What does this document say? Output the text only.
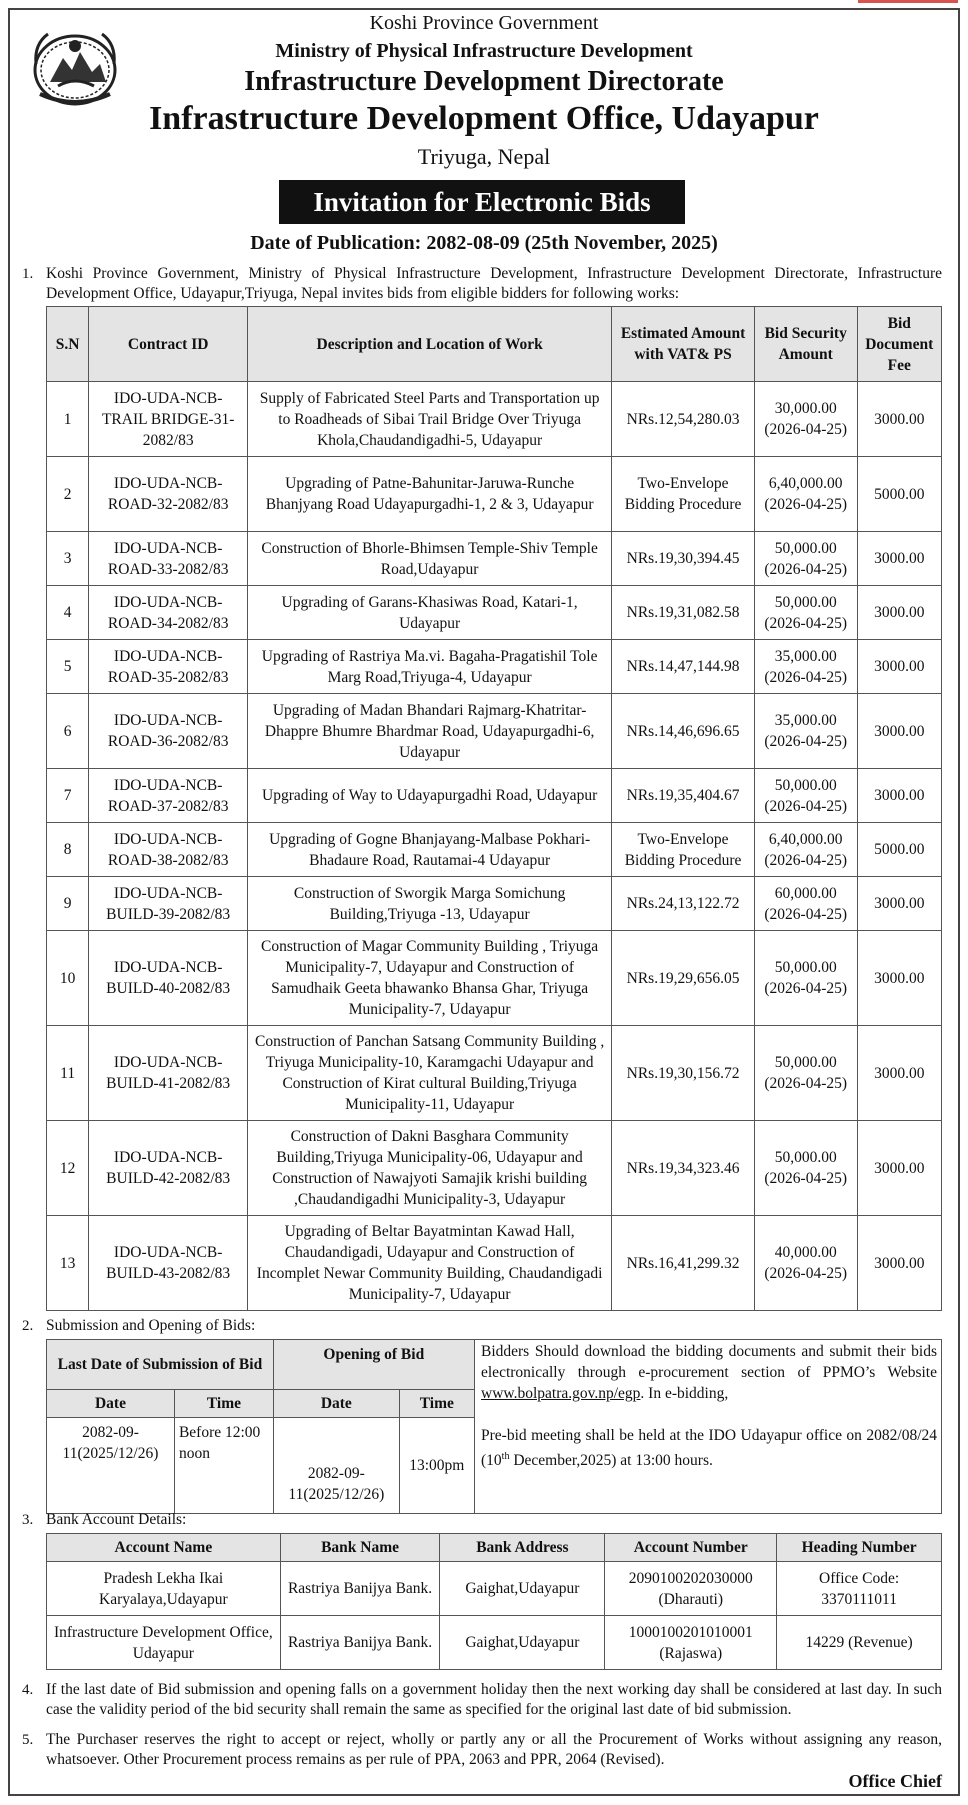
Koshi Province Government
Ministry of Physical Infrastructure Development
Infrastructure Development Directorate
Infrastructure Development Office, Udayapur
Triyuga, Nepal
Invitation for Electronic Bids
Date of Publication: 2082-08-09 (25th November, 2025)
1. Koshi Province Government, Ministry of Physical Infrastructure Development, Infrastructure Development Directorate, Infrastructure Development Office, Udayapur,Triyuga, Nepal invites bids from eligible bidders for following works:
S.N	Contract ID	Description and Location of Work	Estimated Amount with VAT& PS	Bid Security Amount	Bid Document Fee
1	IDO-UDA-NCB-TRAIL BRIDGE-31-2082/83	Supply of Fabricated Steel Parts and Transportation up to Roadheads of Sibai Trail Bridge Over Triyuga Khola,Chaudandigadhi-5, Udayapur	NRs.12,54,280.03	30,000.00 (2026-04-25)	3000.00
2	IDO-UDA-NCB-ROAD-32-2082/83	Upgrading of Patne-Bahunitar-Jaruwa-Runche Bhanjyang Road Udayapurgadhi-1, 2 & 3, Udayapur	Two-Envelope Bidding Procedure	6,40,000.00 (2026-04-25)	5000.00
3	IDO-UDA-NCB-ROAD-33-2082/83	Construction of Bhorle-Bhimsen Temple-Shiv Temple Road,Udayapur	NRs.19,30,394.45	50,000.00 (2026-04-25)	3000.00
4	IDO-UDA-NCB-ROAD-34-2082/83	Upgrading of Garans-Khasiwas Road, Katari-1, Udayapur	NRs.19,31,082.58	50,000.00 (2026-04-25)	3000.00
5	IDO-UDA-NCB-ROAD-35-2082/83	Upgrading of Rastriya Ma.vi. Bagaha-Pragatishil Tole Marg Road,Triyuga-4, Udayapur	NRs.14,47,144.98	35,000.00 (2026-04-25)	3000.00
6	IDO-UDA-NCB-ROAD-36-2082/83	Upgrading of Madan Bhandari Rajmarg-Khatritar-Dhappre Bhumre Bhardmar Road, Udayapurgadhi-6, Udayapur	NRs.14,46,696.65	35,000.00 (2026-04-25)	3000.00
7	IDO-UDA-NCB-ROAD-37-2082/83	Upgrading of Way to Udayapurgadhi Road, Udayapur	NRs.19,35,404.67	50,000.00 (2026-04-25)	3000.00
8	IDO-UDA-NCB-ROAD-38-2082/83	Upgrading of Gogne Bhanjayang-Malbase Pokhari-Bhadaure Road, Rautamai-4 Udayapur	Two-Envelope Bidding Procedure	6,40,000.00 (2026-04-25)	5000.00
9	IDO-UDA-NCB-BUILD-39-2082/83	Construction of Sworgik Marga Somichung Building,Triyuga -13, Udayapur	NRs.24,13,122.72	60,000.00 (2026-04-25)	3000.00
10	IDO-UDA-NCB-BUILD-40-2082/83	Construction of Magar Community Building , Triyuga Municipality-7, Udayapur and Construction of Samudhaik Geeta bhawanko Bhansa Ghar, Triyuga Municipality-7, Udayapur	NRs.19,29,656.05	50,000.00 (2026-04-25)	3000.00
11	IDO-UDA-NCB-BUILD-41-2082/83	Construction of Panchan Satsang Community Building , Triyuga Municipality-10, Karamgachi Udayapur and Construction of Kirat cultural Building,Triyuga Municipality-11, Udayapur	NRs.19,30,156.72	50,000.00 (2026-04-25)	3000.00
12	IDO-UDA-NCB-BUILD-42-2082/83	Construction of Dakni Basghara Community Building,Triyuga Municipality-06, Udayapur and Construction of Nawajyoti Samajik krishi building ,Chaudandigadhi Municipality-3, Udayapur	NRs.19,34,323.46	50,000.00 (2026-04-25)	3000.00
13	IDO-UDA-NCB-BUILD-43-2082/83	Upgrading of Beltar Bayatmintan Kawad Hall, Chaudandigadi, Udayapur and Construction of Incomplet Newar Community Building, Chaudandigadi Municipality-7, Udayapur	NRs.16,41,299.32	40,000.00 (2026-04-25)	3000.00
2. Submission and Opening of Bids:
Last Date of Submission of Bid		Opening of Bid		
Date	Time	Date	Time	
2082-09-11(2025/12/26)	Before 12:00 noon	2082-09-11(2025/12/26)	13:00pm	

Bidders Should download the bidding documents and submit their bids electronically through e-procurement section of PPMO’s Website www.bolpatra.gov.np/egp. In e-bidding,

Pre-bid meeting shall be held at the IDO Udayapur office on 2082/08/24 (10th December,2025) at 13:00 hours.

3. Bank Account Details:
Account Name	Bank Name	Bank Address	Account Number	Heading Number
Pradesh Lekha Ikai Karyalaya,Udayapur	Rastriya Banijya Bank.	Gaighat,Udayapur	2090100202030000 (Dharauti)	Office Code: 3370111011
Infrastructure Development Office, Udayapur	Rastriya Banijya Bank.	Gaighat,Udayapur	1000100201010001 (Rajaswa)	14229 (Revenue)
4. If the last date of Bid submission and opening falls on a government holiday then the next working day shall be considered at last day. In such case the validity period of the bid security shall remain the same as specified for the original last date of bid submission.
5. The Purchaser reserves the right to accept or reject, wholly or partly any or all the Procurement of Works without assigning any reason, whatsoever. Other Procurement process remains as per rule of PPA, 2063 and PPR, 2064 (Revised).
Office Chief
